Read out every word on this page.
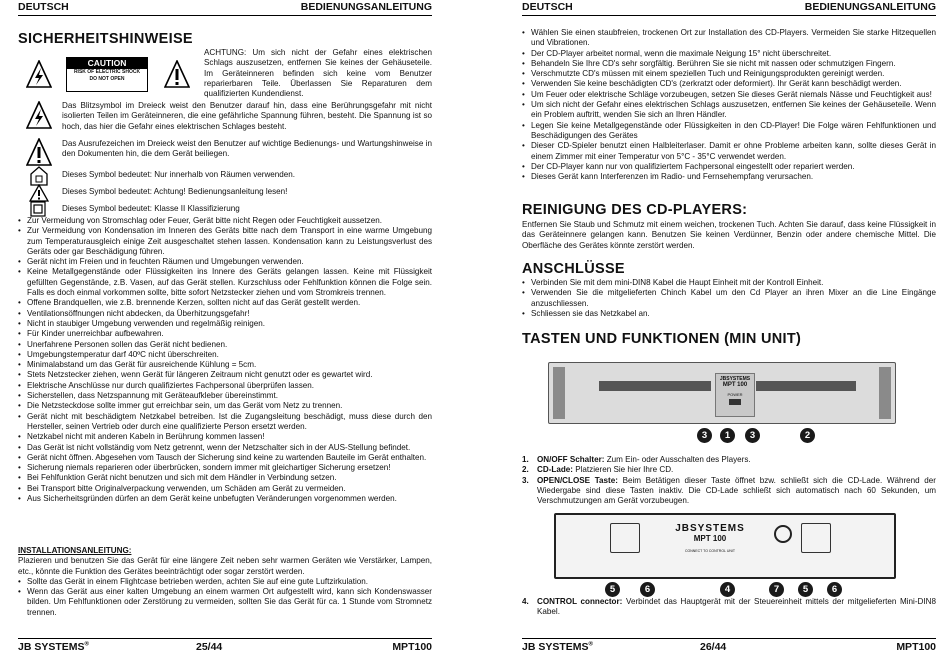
DEUTSCH	BEDIENUNGSANLEITUNG
SICHERHEITSHINWEISE
CAUTION
RISK OF ELECTRIC SHOCK
DO NOT OPEN
ACHTUNG: Um sich nicht der Gefahr eines elektrischen Schlags auszusetzen, entfernen Sie keines der Gehäuseteile. Im Geräteinneren befinden sich keine vom Benutzer reparierbaren Teile. Überlassen Sie Reparaturen dem qualifizierten Kundendienst.
Das Blitzsymbol im Dreieck weist den Benutzer darauf hin, dass eine Berührungsgefahr mit nicht isolierten Teilen im Geräteinneren, die eine gefährliche Spannung führen, besteht. Die Spannung ist so hoch, das hier die Gefahr eines elektrischen Schlages besteht.
Das Ausrufezeichen im Dreieck weist den Benutzer auf wichtige Bedienungs- und Wartungshinweise in den Dokumenten hin, die dem Gerät beiliegen.
Dieses Symbol bedeutet: Nur innerhalb von Räumen verwenden.
Dieses Symbol bedeutet: Achtung! Bedienungsanleitung lesen!
Dieses Symbol bedeutet: Klasse II Klassifizierung
• Zur Vermeidung von Stromschlag oder Feuer, Gerät bitte nicht Regen oder Feuchtigkeit aussetzen.
• Zur Vermeidung von Kondensation im Inneren des Geräts bitte nach dem Transport in eine warme Umgebung zum Temperaturausgleich einige Zeit ausgeschaltet stehen lassen. Kondensation kann zu Leistungsverlust des Geräts oder gar Beschädigung führen.
• Gerät nicht im Freien und in feuchten Räumen und Umgebungen verwenden.
• Keine Metallgegenstände oder Flüssigkeiten ins Innere des Geräts gelangen lassen. Keine mit Flüssigkeit gefüllten Gegenstände, z.B. Vasen, auf das Gerät stellen. Kurzschluss oder Fehlfunktion können die Folge sein. Falls es doch einmal vorkommen sollte, bitte sofort Netzstecker ziehen und vom Stromkreis trennen.
• Offene Brandquellen, wie z.B. brennende Kerzen, sollten nicht auf das Gerät gestellt werden.
• Ventilationsöffnungen nicht abdecken, da Überhitzungsgefahr!
• Nicht in staubiger Umgebung verwenden und regelmäßig reinigen.
• Für Kinder unerreichbar aufbewahren.
• Unerfahrene Personen sollen das Gerät nicht bedienen.
• Umgebungstemperatur darf 40ºC nicht überschreiten.
• Minimalabstand um das Gerät für ausreichende Kühlung = 5cm.
• Stets Netzstecker ziehen, wenn Gerät für längeren Zeitraum nicht genutzt oder es gewartet wird.
• Elektrische Anschlüsse nur durch qualifiziertes Fachpersonal überprüfen lassen.
• Sicherstellen, dass Netzspannung mit Geräteaufkleber übereinstimmt.
• Die Netzsteckdose sollte immer gut erreichbar sein, um das Gerät vom Netz zu trennen.
• Gerät nicht mit beschädigtem Netzkabel betreiben. Ist die Zugangsleitung beschädigt, muss diese durch den Hersteller, seinen Vertrieb oder durch eine qualifizierte Person ersetzt werden.
• Netzkabel nicht mit anderen Kabeln in Berührung kommen lassen!
• Das Gerät ist nicht vollständig vom Netz getrennt, wenn der Netzschalter sich in der AUS-Stellung befindet.
• Gerät nicht öffnen. Abgesehen vom Tausch der Sicherung sind keine zu wartenden Bauteile im Gerät enthalten.
• Sicherung niemals reparieren oder überbrücken, sondern immer mit gleichartiger Sicherung ersetzen!
• Bei Fehlfunktion Gerät nicht benutzen und sich mit dem Händler in Verbindung setzen.
• Bei Transport bitte Originalverpackung verwenden, um Schäden am Gerät zu vermeiden.
• Aus Sicherheitsgründen dürfen an dem Gerät keine unbefugten Veränderungen vorgenommen werden.
INSTALLATIONSANLEITUNG:
Plazieren und benutzen Sie das Gerät für eine längere Zeit neben sehr warmen Geräten wie Verstärker, Lampen, etc., könnte die Funktion des Gerätes beeinträchtigt oder sogar zerstört werden.
• Sollte das Gerät in einem Flightcase betrieben werden, achten Sie auf eine gute Luftzirkulation.
• Wenn das Gerät aus einer kalten Umgebung an einem warmen Ort aufgestellt wird, kann sich Kondenswasser bilden. Um Fehlfunktionen oder Zerstörung zu vermeiden, sollten Sie das Gerät für ca. 1 Stunde vom Stromnetz trennen.
JB SYSTEMS®	25/44	MPT100
DEUTSCH	BEDIENUNGSANLEITUNG
• Wählen Sie einen staubfreien, trockenen Ort zur Installation des CD-Players. Vermeiden Sie starke Hitzequellen und Vibrationen.
• Der CD-Player arbeitet normal, wenn die maximale Neigung 15° nicht überschreitet.
• Behandeln Sie Ihre CD's sehr sorgfältig. Berühren Sie sie nicht mit nassen oder schmutzigen Fingern.
• Verschmutzte CD's müssen mit einem speziellen Tuch und Reinigungsprodukten gereinigt werden.
• Verwenden Sie keine beschädigten CD's (zerkratzt oder deformiert). Ihr Gerät kann beschädigt werden.
• Um Feuer oder elektrische Schläge vorzubeugen, setzen Sie dieses Gerät niemals Nässe und Feuchtigkeit aus!
• Um sich nicht der Gefahr eines elektrischen Schlags auszusetzen, entfernen Sie keines der Gehäuseteile. Wenn ein Problem auftritt, wenden Sie sich an Ihren Händler.
• Legen Sie keine Metallgegenstände oder Flüssigkeiten in den CD-Player! Die Folge wären Fehlfunktionen und Beschädigungen des Gerätes
• Dieser CD-Spieler benutzt einen Halbleiterlaser. Damit er ohne Probleme arbeiten kann, sollte dieses Gerät in einem Zimmer mit einer Temperatur von 5°C - 35°C verwendet werden.
• Der CD-Player kann nur von qualifiziertem Fachpersonal eingestellt oder repariert werden.
• Dieses Gerät kann Interferenzen im Radio- und Fernsehempfang verursachen.
REINIGUNG DES CD-PLAYERS:
Entfernen Sie Staub und Schmutz mit einem weichen, trockenen Tuch. Achten Sie darauf, dass keine Flüssigkeit in das Geräteinnere gelangen kann. Benutzen Sie keinen Verdünner, Benzin oder andere chemische Mittel. Die Oberfläche des Gerätes könnte zerstört werden.
ANSCHLÜSSE
• Verbinden Sie mit dem mini-DIN8 Kabel die Haupt Einheit mit der Kontroll Einheit.
• Verwenden Sie die mitgelieferten Chinch Kabel um den Cd Player an ihren Mixer an die Line Eingänge anzuschliessen.
• Schliessen sie das Netzkabel an.
TASTEN UND FUNKTIONEN (MIN UNIT)
JBSYSTEMS
MPT 100
POWER
3	1	3	2
1. ON/OFF Schalter: Zum Ein- oder Ausschalten des Players.
2. CD-Lade: Platzieren Sie hier Ihre CD.
3. OPEN/CLOSE Taste: Beim Betätigen dieser Taste öffnet bzw. schließt sich die CD-Lade. Während der Wiedergabe sind diese Tasten inaktiv. Die CD-Lade schließt sich automatisch nach 60 Sekunden, um Verschmutzungen am Gerät vorzubeugen.
JBSYSTEMS
MPT 100
CONNECT TO CONTROL UNIT
5	6	4	7	5	6
4. CONTROL connector: Verbindet das Hauptgerät mit der Steuereinheit mittels der mitgelieferten Mini-DIN8 Kabel.
JB SYSTEMS®	26/44	MPT100
